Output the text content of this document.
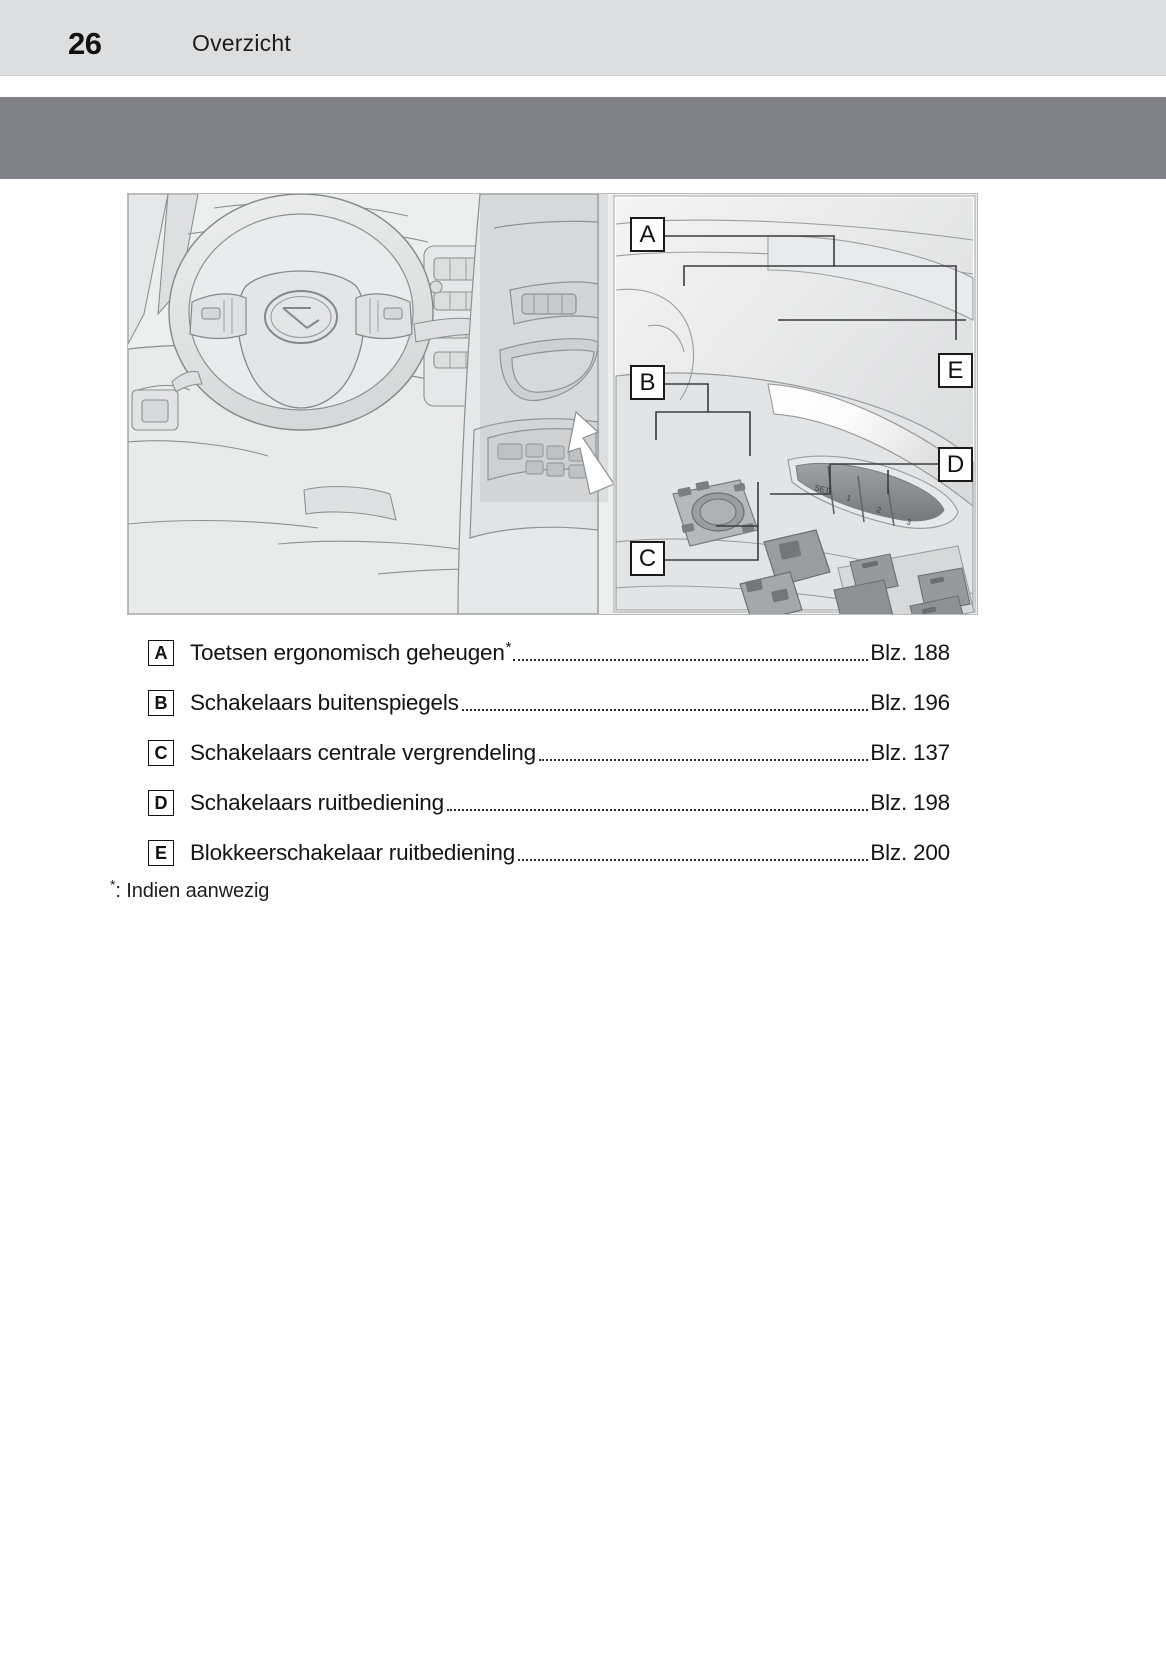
26	Overzicht
SET
1
2
3
A
B
C
E
D
A Toetsen ergonomisch geheugen*	Blz. 188
B Schakelaars buitenspiegels	Blz. 196
C Schakelaars centrale vergrendeling	Blz. 137
D Schakelaars ruitbediening	Blz. 198
E	Blokkeerschakelaar ruitbediening	Blz. 200
*: Indien aanwezig
